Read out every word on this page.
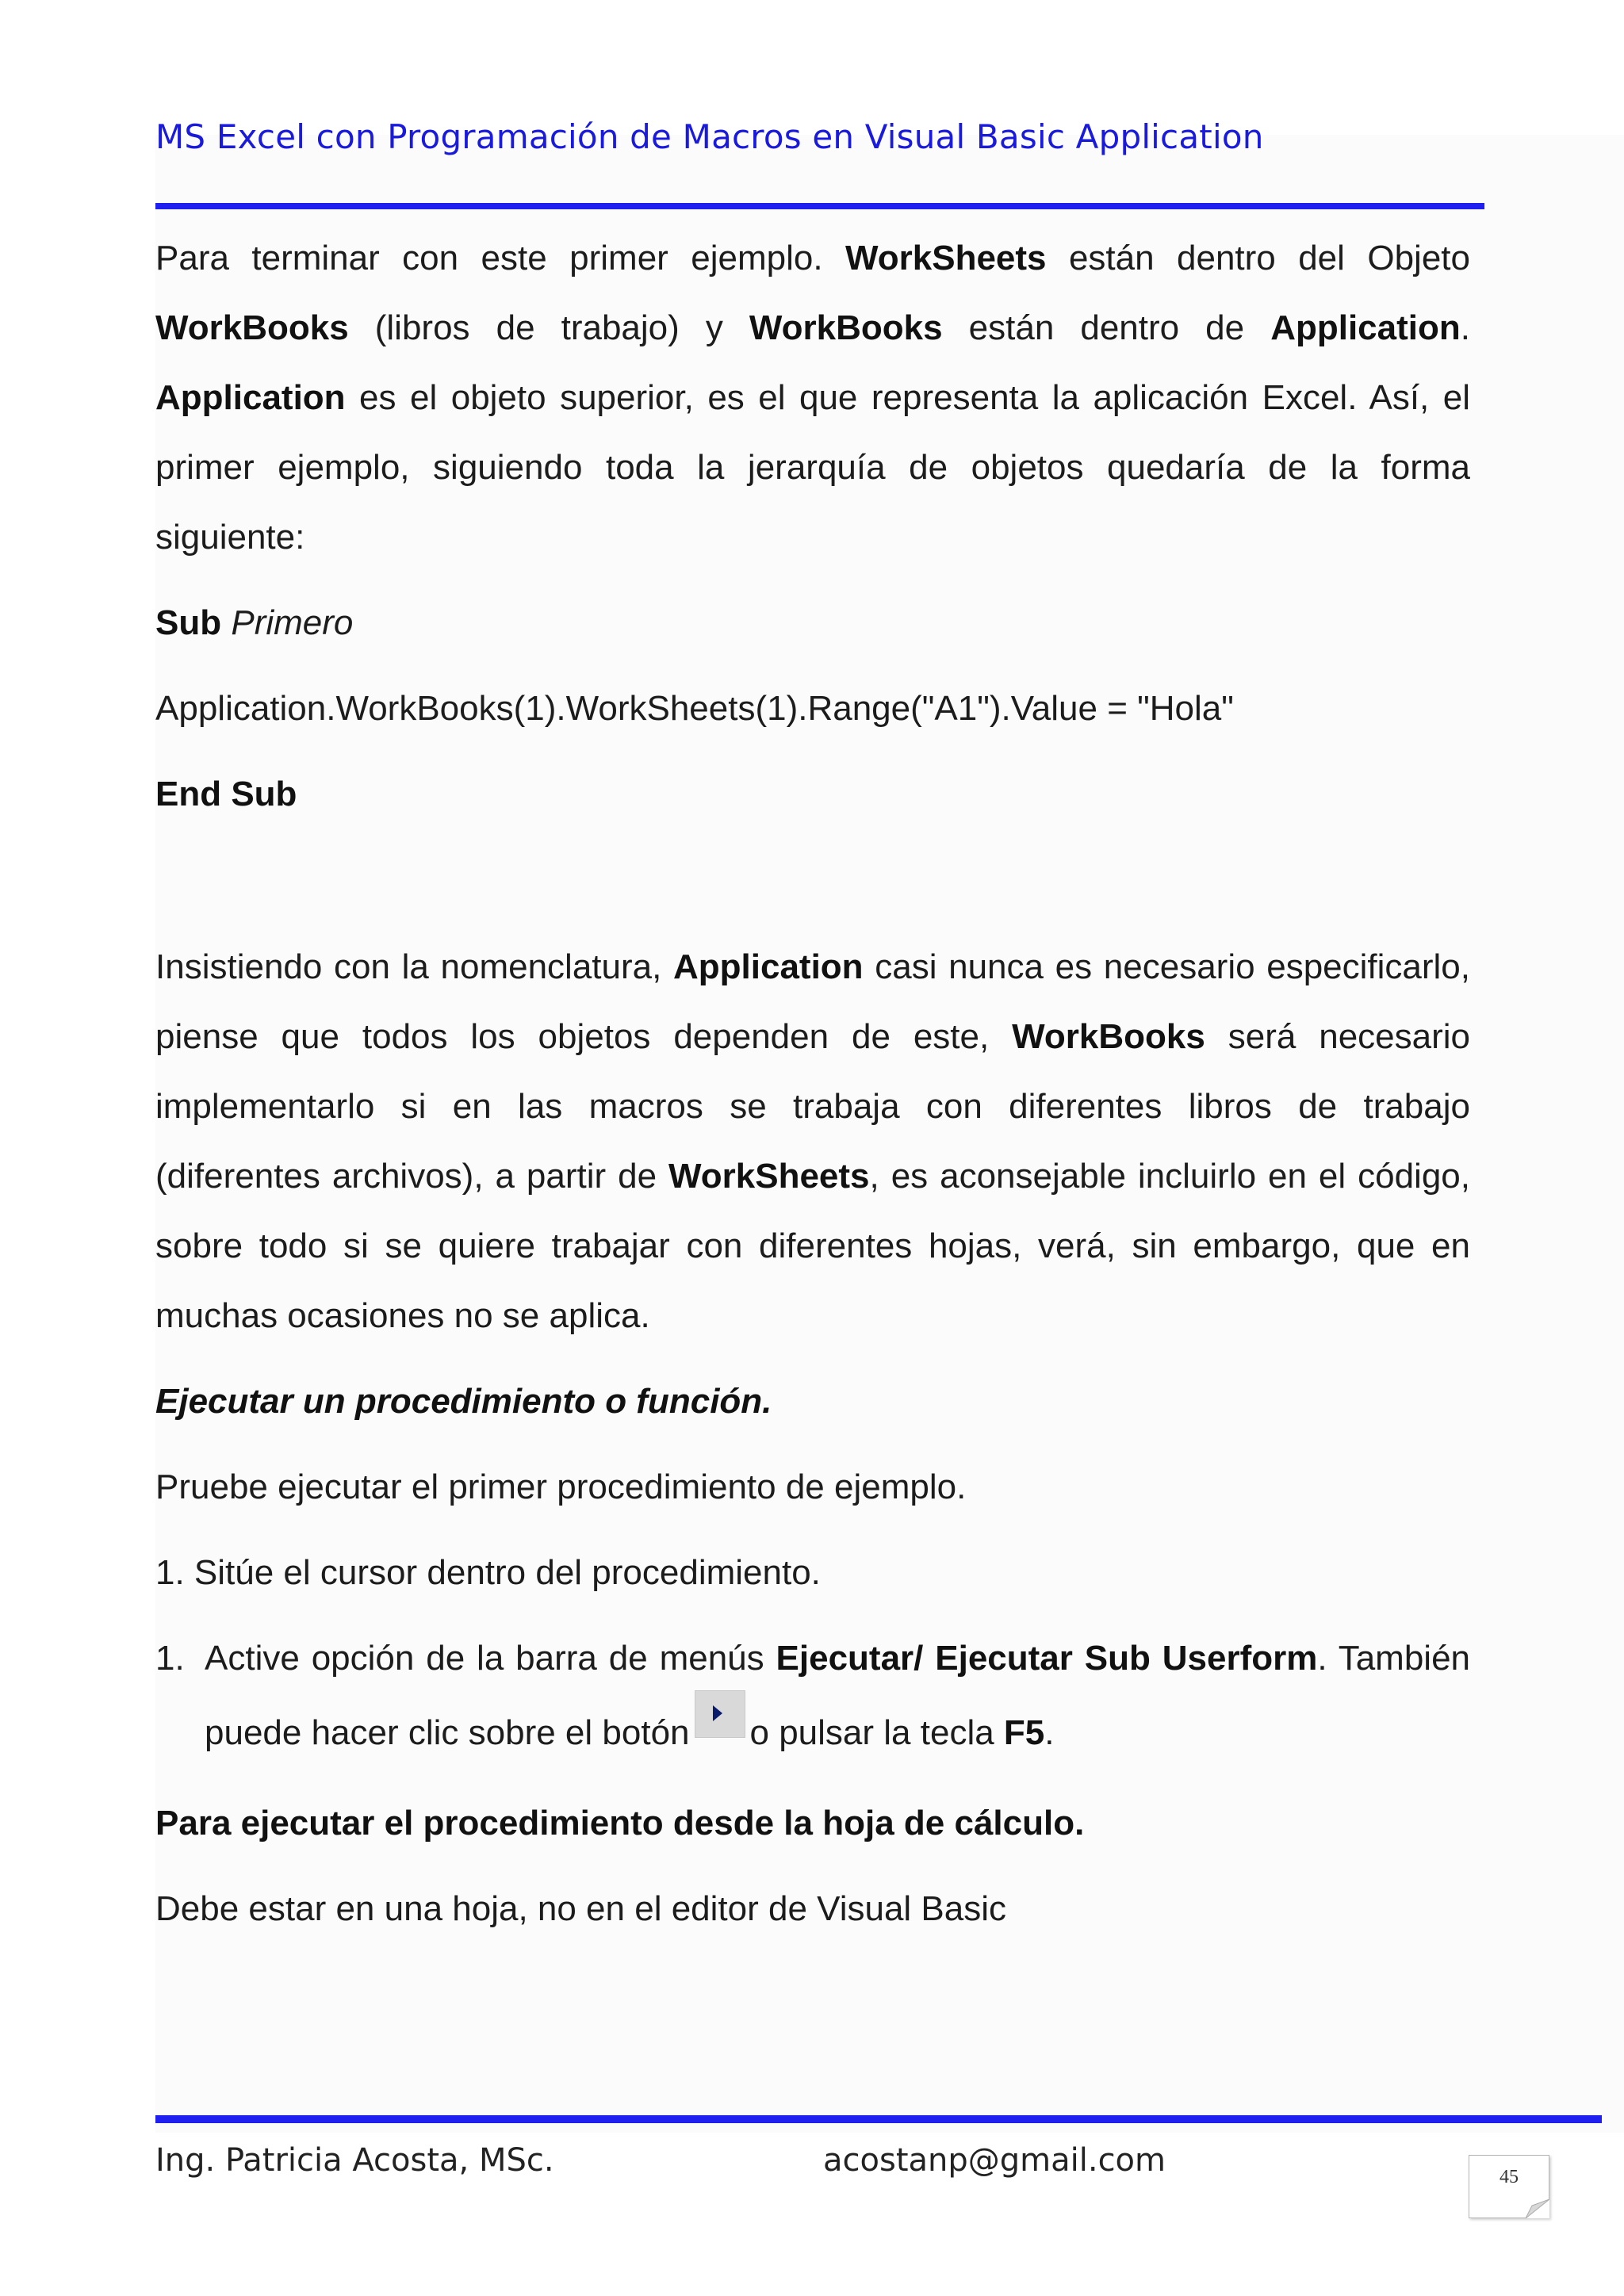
MS Excel con Programación de Macros en Visual Basic Application
Para terminar con este primer ejemplo. WorkSheets están dentro del Objeto
WorkBooks (libros de trabajo) y WorkBooks están dentro de Application.
Application es el objeto superior, es el que representa la aplicación Excel. Así, el
primer ejemplo, siguiendo toda la jerarquía de objetos quedaría de la forma
siguiente:

Sub Primero

Application.WorkBooks(1).WorkSheets(1).Range("A1").Value = "Hola"

End Sub

Insistiendo con la nomenclatura, Application casi nunca es necesario especificarlo,
piense que todos los objetos dependen de este, WorkBooks será necesario
implementarlo si en las macros se trabaja con diferentes libros de trabajo
(diferentes archivos), a partir de WorkSheets, es aconsejable incluirlo en el código,
sobre todo si se quiere trabajar con diferentes hojas, verá, sin embargo, que en
muchas ocasiones no se aplica.

Ejecutar un procedimiento o función.

Pruebe ejecutar el primer procedimiento de ejemplo.

1. Sitúe el cursor dentro del procedimiento.

1. Active opción de la barra de menús Ejecutar/ Ejecutar Sub Userform. También
puede hacer clic sobre el botón o pulsar la tecla F5.

Para ejecutar el procedimiento desde la hoja de cálculo.

Debe estar en una hoja, no en el editor de Visual Basic

Ing. Patricia Acosta, MSc.	acostanp@gmail.com	45
